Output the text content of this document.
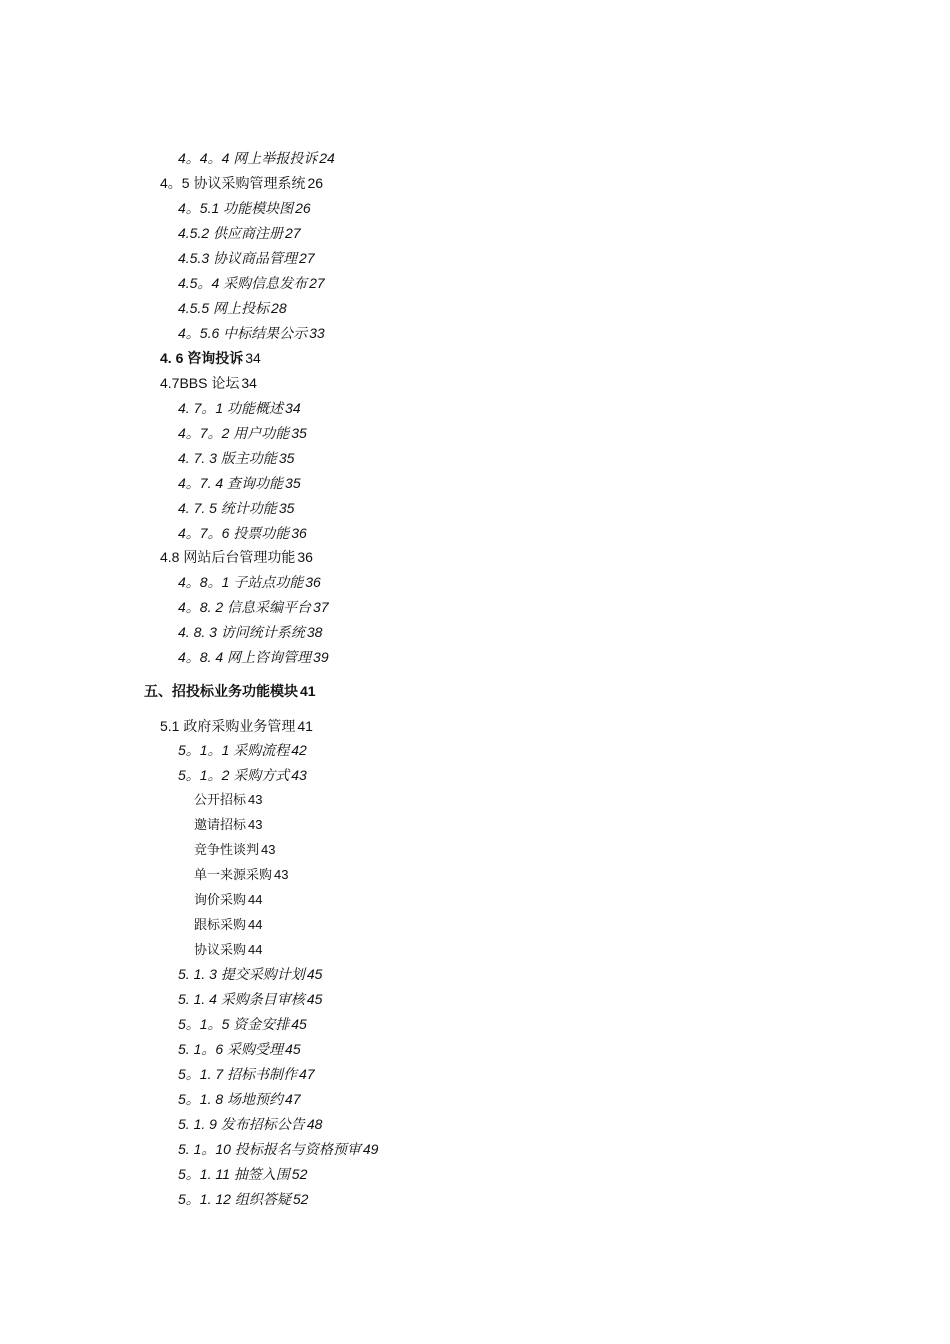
4。4。4 网上举报投诉 24
4。5 协议采购管理系统 26
4。5.1 功能模块图 26
4.5.2 供应商注册 27
4.5.3 协议商品管理 27
4.5。4 采购信息发布 27
4.5.5 网上投标 28
4。5.6 中标结果公示 33
4. 6 咨询投诉 34
4.7BBS 论坛 34
4. 7。1 功能概述 34
4。7。2 用户功能 35
4. 7. 3 版主功能 35
4。7. 4 查询功能 35
4. 7. 5 统计功能 35
4。7。6 投票功能 36
4.8 网站后台管理功能 36
4。8。1 子站点功能 36
4。8. 2 信息采编平台 37
4. 8. 3 访问统计系统 38
4。8. 4 网上咨询管理 39
五、招投标业务功能模块 41
5.1 政府采购业务管理 41
5。1。1 采购流程 42
5。1。2 采购方式 43
公开招标 43
邀请招标 43
竞争性谈判 43
单一来源采购 43
询价采购 44
跟标采购 44
协议采购 44
5. 1. 3 提交采购计划 45
5. 1. 4 采购条目审核 45
5。1。5 资金安排 45
5. 1。6 采购受理 45
5。1. 7 招标书制作 47
5。1. 8 场地预约 47
5. 1. 9 发布招标公告 48
5. 1。10 投标报名与资格预审 49
5。1. 11 抽签入围 52
5。1. 12 组织答疑 52
